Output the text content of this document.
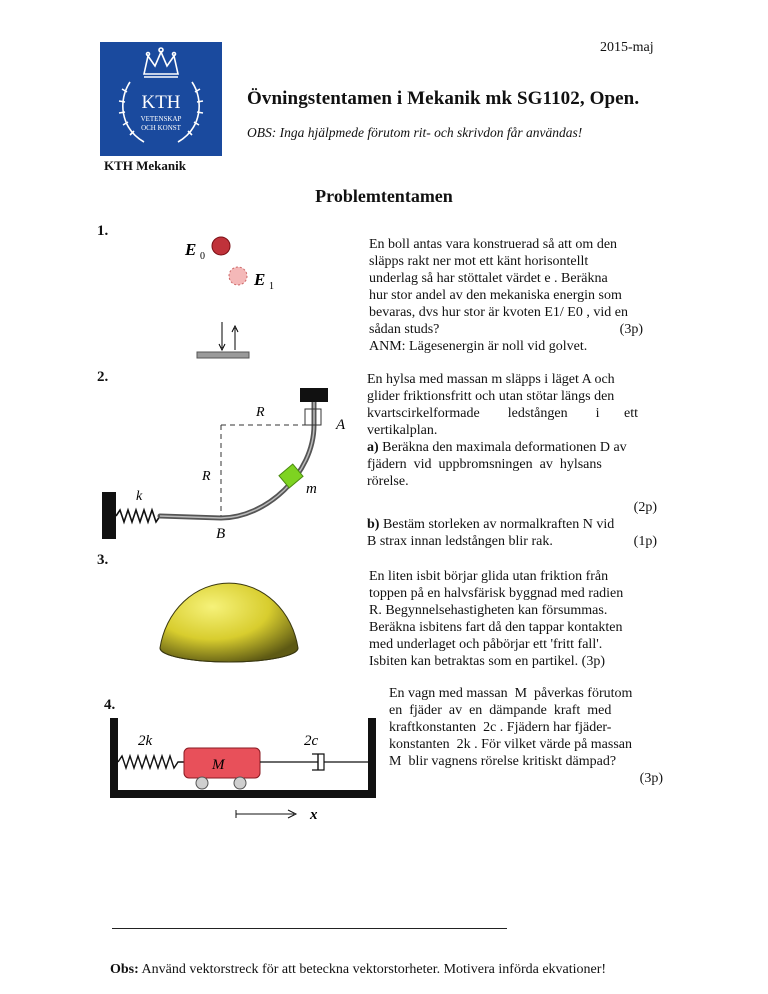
2015-maj
KTH
VETENSKAP
OCH KONST
KTH Mekanik
Övningstentamen i Mekanik mk SG1102, Open.
OBS: Inga hjälpmede förutom rit- och skrivdon får användas!
Problemtentamen
1.
E 0
E 1
En boll antas vara konstruerad så att om den
släpps rakt ner mot ett känt horisontellt
underlag så har stöttalet värdet e . Beräkna
hur stor andel av den mekaniska energin som
bevaras, dvs hur stor är kvoten E1/ E0 , vid en
sådan studs?	(3p)
ANM: Lägesenergin är noll vid golvet.
2.
R
R
k
A
m
B
En hylsa med massan m släpps i läget A och
glider friktionsfritt och utan stötar längs den
kvartscirkelformade        ledstången        i       ett
vertikalplan.
a) Beräkna den maximala deformationen D av
fjädern  vid  uppbromsningen  av  hylsans
rörelse.
(2p)
b) Bestäm storleken av normalkraften N vid
B strax innan ledstången blir rak.	(1p)
3.
En liten isbit börjar glida utan friktion från
toppen på en halvsfärisk byggnad med radien
R. Begynnelsehastigheten kan försummas.
Beräkna isbitens fart då den tappar kontakten
med underlaget och påbörjar ett 'fritt fall'.
Isbiten kan betraktas som en partikel. (3p)
4.
2k
M
2c
x
En vagn med massan  M  påverkas förutom
en  fjäder  av  en  dämpande  kraft  med
kraftkonstanten  2c . Fjädern har fjäder-
konstanten  2k . För vilket värde på massan
M  blir vagnens rörelse kritiskt dämpad?
(3p)
Obs: Använd vektorstreck för att beteckna vektorstorheter. Motivera införda ekvationer!
